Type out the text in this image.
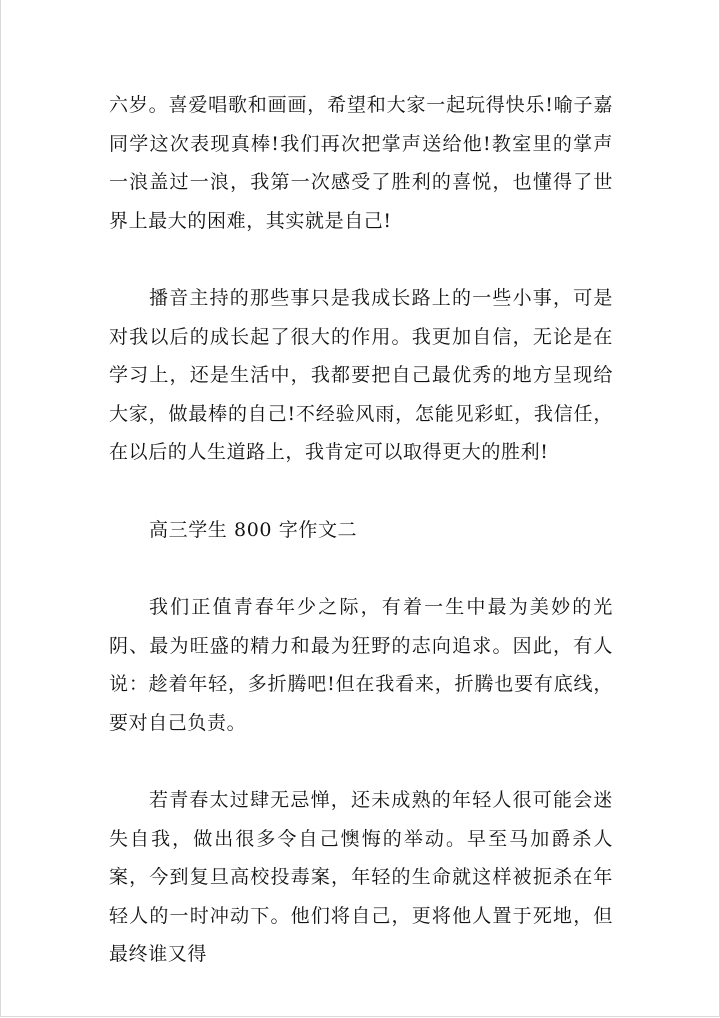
六岁。喜爱唱歌和画画，希望和大家一起玩得快乐!喻子嘉同学这次表现真棒!我们再次把掌声送给他!教室里的掌声一浪盖过一浪，我第一次感受了胜利的喜悦，也懂得了世界上最大的困难，其实就是自己!

播音主持的那些事只是我成长路上的一些小事，可是对我以后的成长起了很大的作用。我更加自信，无论是在学习上，还是生活中，我都要把自己最优秀的地方呈现给大家，做最棒的自己!不经验风雨，怎能见彩虹，我信任，在以后的人生道路上，我肯定可以取得更大的胜利!

高三学生 800 字作文二

我们正值青春年少之际，有着一生中最为美妙的光阴、最为旺盛的精力和最为狂野的志向追求。因此，有人说：趁着年轻，多折腾吧!但在我看来，折腾也要有底线，要对自己负责。

若青春太过肆无忌惮，还未成熟的年轻人很可能会迷失自我，做出很多令自己懊悔的举动。早至马加爵杀人案，今到复旦高校投毒案，年轻的生命就这样被扼杀在年轻人的一时冲动下。他们将自己，更将他人置于死地，但最终谁又得
